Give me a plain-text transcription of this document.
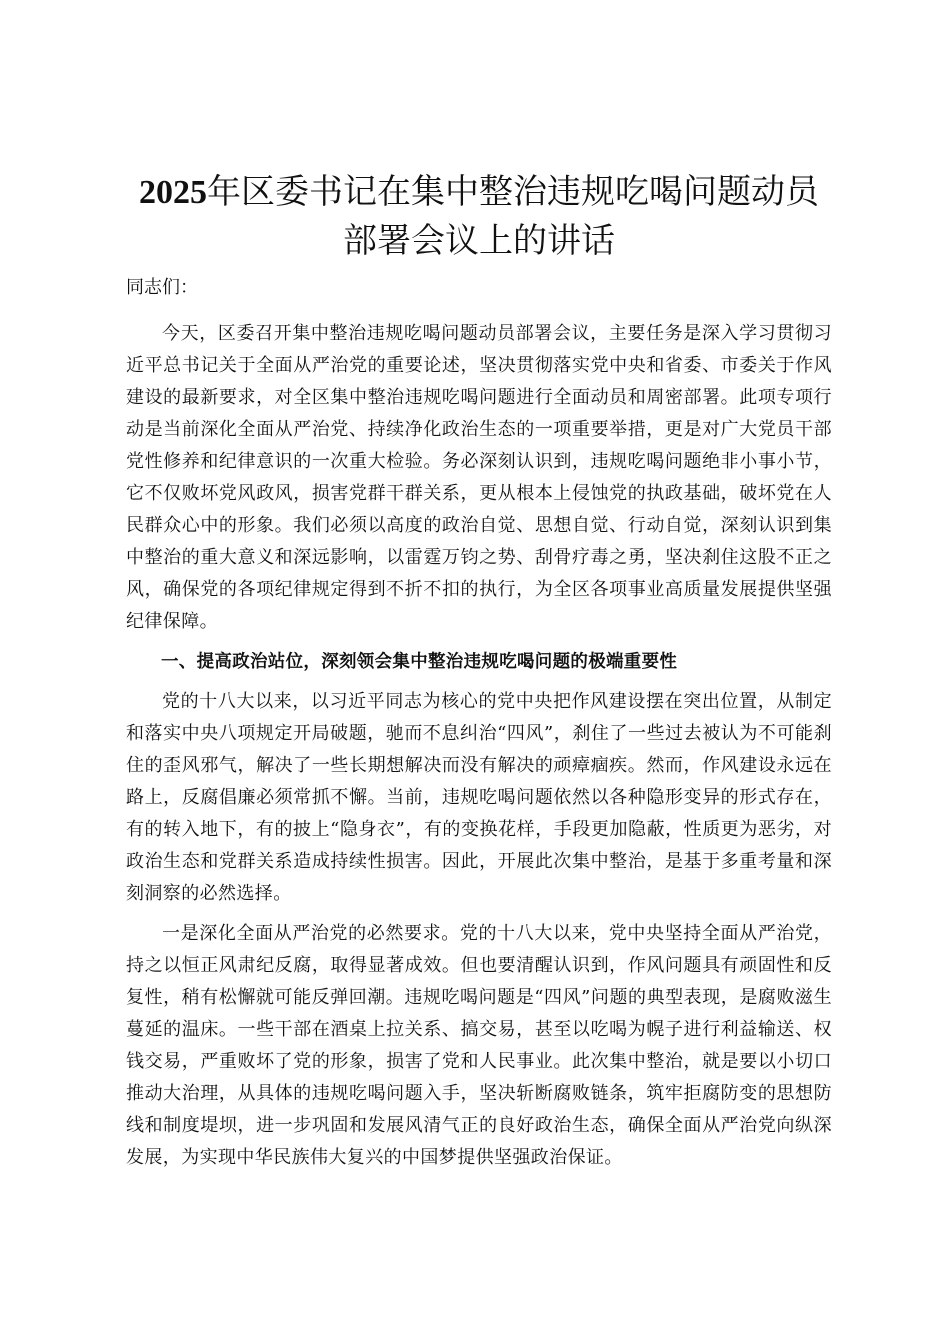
2025年区委书记在集中整治违规吃喝问题动员部署会议上的讲话

同志们：

今天，区委召开集中整治违规吃喝问题动员部署会议，主要任务是深入学习贯彻习近平总书记关于全面从严治党的重要论述，坚决贯彻落实党中央和省委、市委关于作风建设的最新要求，对全区集中整治违规吃喝问题进行全面动员和周密部署。此项专项行动是当前深化全面从严治党、持续净化政治生态的一项重要举措，更是对广大党员干部党性修养和纪律意识的一次重大检验。务必深刻认识到，违规吃喝问题绝非小事小节，它不仅败坏党风政风，损害党群干群关系，更从根本上侵蚀党的执政基础，破坏党在人民群众心中的形象。我们必须以高度的政治自觉、思想自觉、行动自觉，深刻认识到集中整治的重大意义和深远影响，以雷霆万钧之势、刮骨疗毒之勇，坚决刹住这股不正之风，确保党的各项纪律规定得到不折不扣的执行，为全区各项事业高质量发展提供坚强纪律保障。

一、提高政治站位，深刻领会集中整治违规吃喝问题的极端重要性

党的十八大以来，以习近平同志为核心的党中央把作风建设摆在突出位置，从制定和落实中央八项规定开局破题，驰而不息纠治“四风”，刹住了一些过去被认为不可能刹住的歪风邪气，解决了一些长期想解决而没有解决的顽瘴痼疾。然而，作风建设永远在路上，反腐倡廉必须常抓不懈。当前，违规吃喝问题依然以各种隐形变异的形式存在，有的转入地下，有的披上“隐身衣”，有的变换花样，手段更加隐蔽，性质更为恶劣，对政治生态和党群关系造成持续性损害。因此，开展此次集中整治，是基于多重考量和深刻洞察的必然选择。

一是深化全面从严治党的必然要求。党的十八大以来，党中央坚持全面从严治党，持之以恒正风肃纪反腐，取得显著成效。但也要清醒认识到，作风问题具有顽固性和反复性，稍有松懈就可能反弹回潮。违规吃喝问题是“四风”问题的典型表现，是腐败滋生蔓延的温床。一些干部在酒桌上拉关系、搞交易，甚至以吃喝为幌子进行利益输送、权钱交易，严重败坏了党的形象，损害了党和人民事业。此次集中整治，就是要以小切口推动大治理，从具体的违规吃喝问题入手，坚决斩断腐败链条，筑牢拒腐防变的思想防线和制度堤坝，进一步巩固和发展风清气正的良好政治生态，确保全面从严治党向纵深发展，为实现中华民族伟大复兴的中国梦提供坚强政治保证。
